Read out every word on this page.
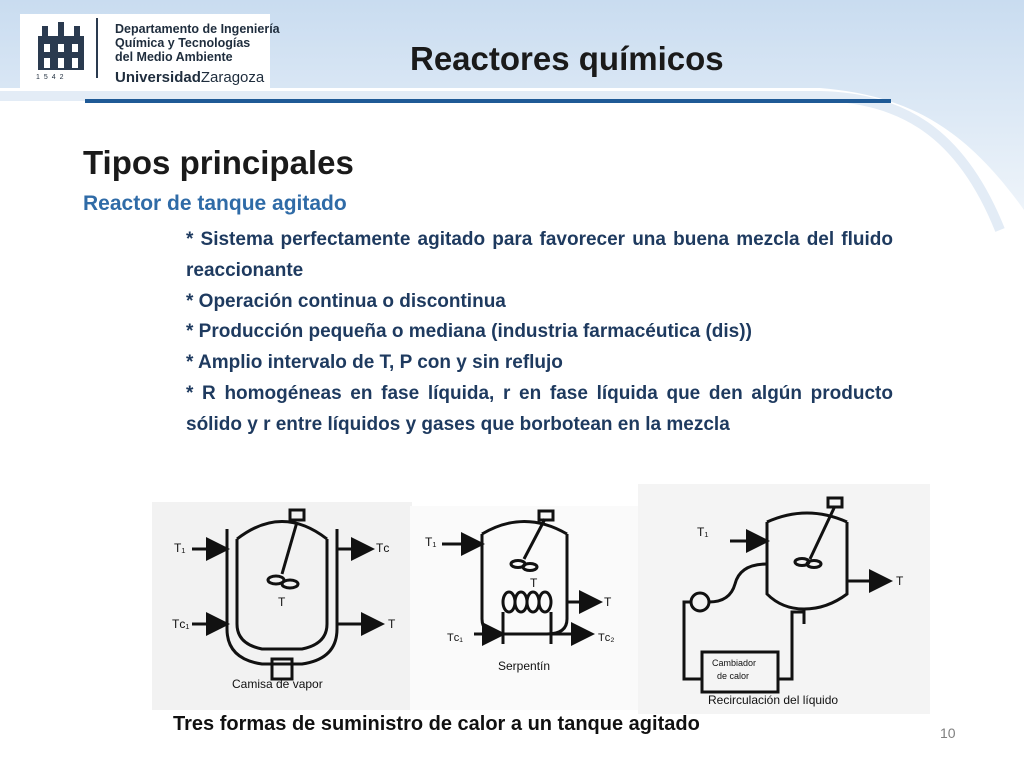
Departamento de Ingeniería
Química y Tecnologías
del Medio Ambiente
UniversidadZaragoza
1542
Reactores químicos
Tipos principales
Reactor de tanque agitado

* Sistema perfectamente agitado para favorecer una buena mezcla del fluido reaccionante

* Operación continua o discontinua

* Producción pequeña o mediana (industria farmacéutica (dis))

* Amplio intervalo de T, P con y sin reflujo

* R homogéneas en fase líquida, r en fase líquida que den algún producto sólido y r entre líquidos y gases que borbotean en la mezcla

T₁	Tᴄ
T
Tᴄ₁	T
Camisa de vapor
T₁
T
T
Tᴄ₁	Tᴄ₂
Serpentín
T₁
T
Cambiador
de calor
Recirculación del líquido
Tres formas de suministro de calor a un tanque agitado	10
